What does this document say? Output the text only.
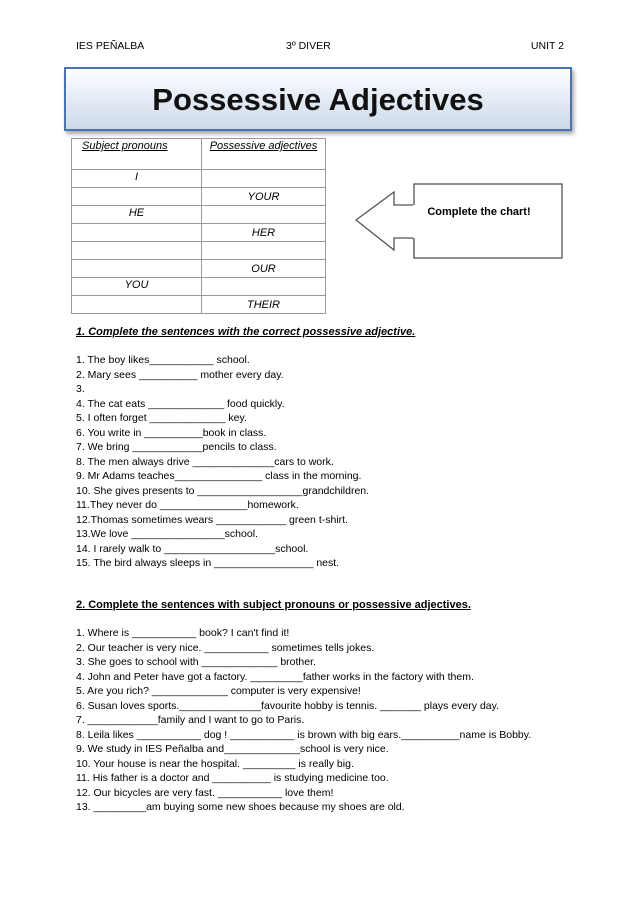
IES PEÑALBA	3º DIVER	UNIT 2
Possessive Adjectives
Subject pronouns	Possessive adjectives
I	
	YOUR
HE	
	HER

	OUR
YOU	
	THEIR
Complete the chart!
1. Complete the sentences with the correct possessive adjective.
1. The boy likes___________ school.
2. Mary sees __________ mother every day.
3.
4. The cat eats _____________ food quickly.
5. I often forget _____________ key.
6. You write in __________book in class.
7. We bring ____________pencils to class.
8. The men always drive ______________cars to work.
9. Mr Adams teaches_______________ class in the morning.
10. She gives presents to __________________grandchildren.
11.They never do _______________homework.
12.Thomas sometimes wears ____________ green t-shirt.
13.We love ________________school.
14. I rarely walk to ___________________school.
15. The bird always sleeps in _________________ nest.
2. Complete the sentences with subject pronouns or possessive adjectives.
1. Where is ___________ book? I can't find it!
2. Our teacher is very nice. ___________ sometimes tells jokes.
3. She goes to school with _____________ brother.
4. John and Peter have got a factory. _________father works in the factory with them.
5. Are you rich? _____________ computer is very expensive!
6. Susan loves sports.______________favourite hobby is tennis. _______ plays every day.
7. ____________family and I want to go to Paris.
8. Leila likes ___________ dog ! ___________ is brown with big ears.__________name is Bobby.
9. We study in IES Peñalba and_____________school is very nice.
10. Your house is near the hospital. _________ is really big.
11. His father is a doctor and __________ is studying medicine too.
12. Our bicycles are very fast. ___________ love them!
13. _________am buying some new shoes because my shoes are old.
